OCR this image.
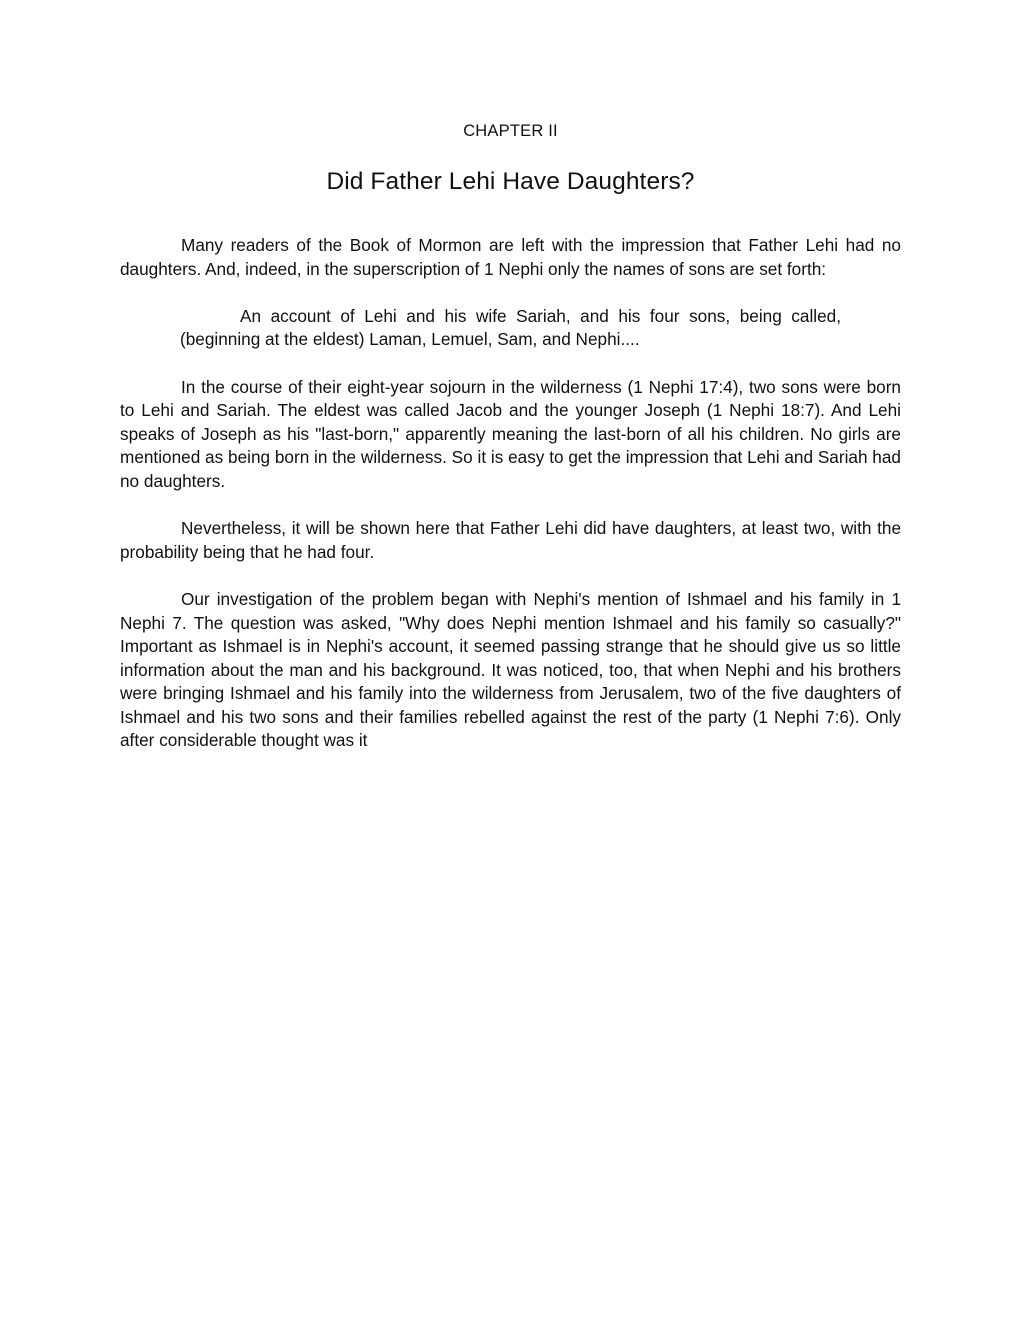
CHAPTER II
Did Father Lehi Have Daughters?

Many readers of the Book of Mormon are left with the impression that Father Lehi had no daughters. And, indeed, in the superscription of 1 Nephi only the names of sons are set forth:

An account of Lehi and his wife Sariah, and his four sons, being called, (beginning at the eldest) Laman, Lemuel, Sam, and Nephi....

In the course of their eight-year sojourn in the wilderness (1 Nephi 17:4), two sons were born to Lehi and Sariah. The eldest was called Jacob and the younger Joseph (1 Nephi 18:7). And Lehi speaks of Joseph as his "last-born," apparently meaning the last-born of all his children. No girls are mentioned as being born in the wilderness. So it is easy to get the impression that Lehi and Sariah had no daughters.

Nevertheless, it will be shown here that Father Lehi did have daughters, at least two, with the probability being that he had four.

Our investigation of the problem began with Nephi's mention of Ishmael and his family in 1 Nephi 7. The question was asked, "Why does Nephi mention Ishmael and his family so casually?" Important as Ishmael is in Nephi's account, it seemed passing strange that he should give us so little information about the man and his background. It was noticed, too, that when Nephi and his brothers were bringing Ishmael and his family into the wilderness from Jerusalem, two of the five daughters of Ishmael and his two sons and their families rebelled against the rest of the party (1 Nephi 7:6). Only after considerable thought was it
